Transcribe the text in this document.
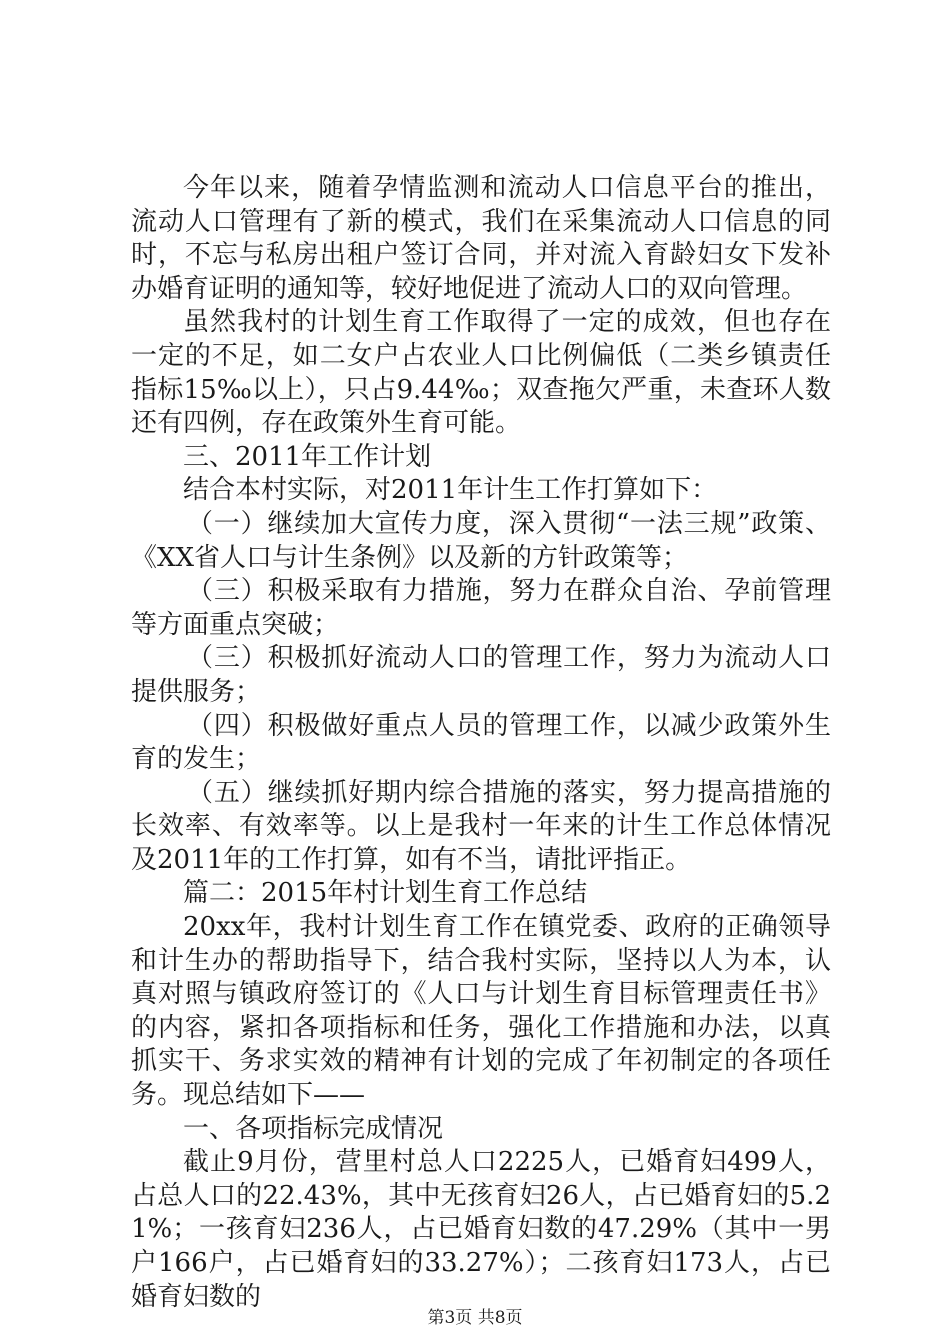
今年以来，随着孕情监测和流动人口信息平台的推出，流动人口管理有了新的模式，我们在采集流动人口信息的同时，不忘与私房出租户签订合同，并对流入育龄妇女下发补办婚育证明的通知等，较好地促进了流动人口的双向管理。

虽然我村的计划生育工作取得了一定的成效，但也存在一定的不足，如二女户占农业人口比例偏低（二类乡镇责任指标15‰以上），只占9.44‰；双查拖欠严重，未查环人数还有四例，存在政策外生育可能。

三、2011年工作计划

结合本村实际，对2011年计生工作打算如下：

（一）继续加大宣传力度，深入贯彻“一法三规”政策、《XX省人口与计生条例》以及新的方针政策等；

（三）积极采取有力措施，努力在群众自治、孕前管理等方面重点突破；

（三）积极抓好流动人口的管理工作，努力为流动人口提供服务；

（四）积极做好重点人员的管理工作，以减少政策外生育的发生；

（五）继续抓好期内综合措施的落实，努力提高措施的长效率、有效率等。以上是我村一年来的计生工作总体情况及2011年的工作打算，如有不当，请批评指正。

篇二：2015年村计划生育工作总结

20xx年，我村计划生育工作在镇党委、政府的正确领导和计生办的帮助指导下，结合我村实际，坚持以人为本，认真对照与镇政府签订的《人口与计划生育目标管理责任书》的内容，紧扣各项指标和任务，强化工作措施和办法，以真抓实干、务求实效的精神有计划的完成了年初制定的各项任务。现总结如下——

一、各项指标完成情况

截止9月份，营里村总人口2225人，已婚育妇499人，占总人口的22.43%，其中无孩育妇26人，占已婚育妇的5.21%；一孩育妇236人，占已婚育妇数的47.29%（其中一男户166户，占已婚育妇的33.27%）；二孩育妇173人，占已婚育妇数的

第3页 共8页
